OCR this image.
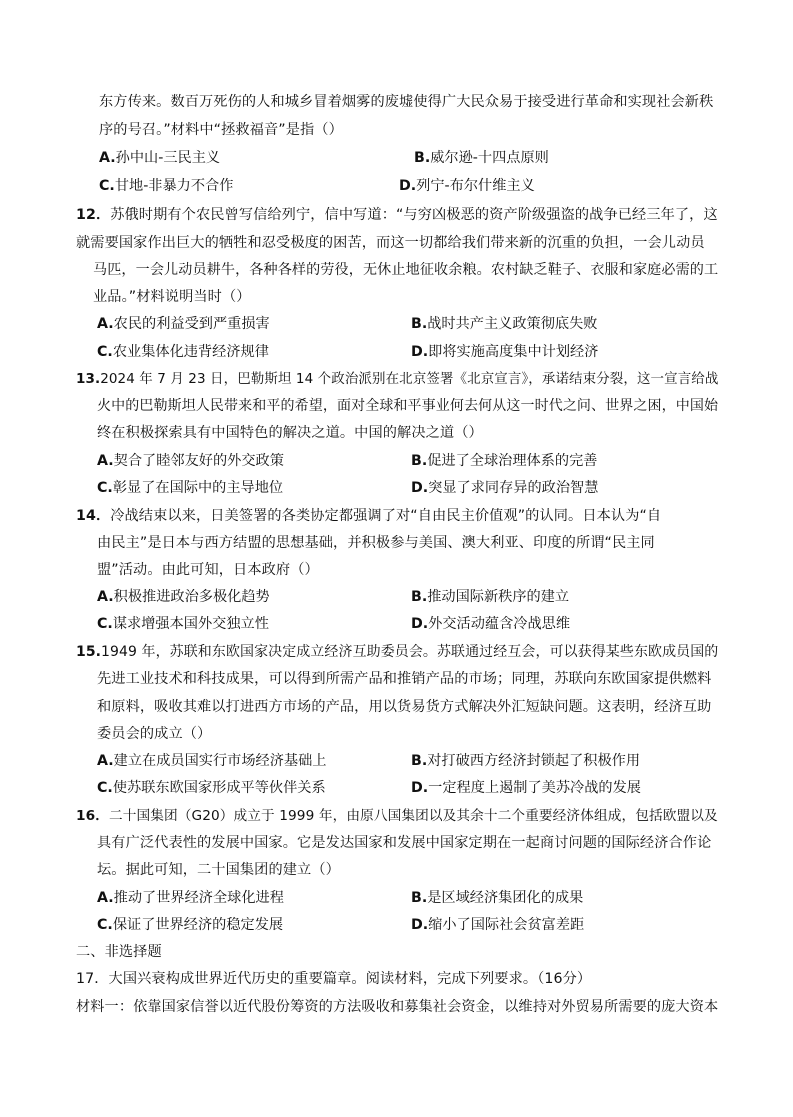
东方传来。数百万死伤的人和城乡冒着烟雾的废墟使得广大民众易于接受进行革命和实现社会新秩
序的号召。”材料中“拯救福音”是指（）
A.孙中山-三民主义	B.威尔逊-十四点原则
C.甘地-非暴力不合作	D.列宁-布尔什维主义
12．苏俄时期有个农民曾写信给列宁，信中写道：“与穷凶极恶的资产阶级强盗的战争已经三年了，这
就需要国家作出巨大的牺牲和忍受极度的困苦，而这一切都给我们带来新的沉重的负担，一会儿动员
马匹，一会儿动员耕牛，各种各样的劳役，无休止地征收余粮。农村缺乏鞋子、衣服和家庭必需的工
业品。”材料说明当时（）
A.农民的利益受到严重损害	B.战时共产主义政策彻底失败
C.农业集体化违背经济规律	D.即将实施高度集中计划经济
13.2024 年 7 月 23 日，巴勒斯坦 14 个政治派别在北京签署《北京宣言》，承诺结束分裂，这一宣言给战
火中的巴勒斯坦人民带来和平的希望，面对全球和平事业何去何从这一时代之问、世界之困，中国始
终在积极探索具有中国特色的解决之道。中国的解决之道（）
A.契合了睦邻友好的外交政策	B.促进了全球治理体系的完善
C.彰显了在国际中的主导地位	D.突显了求同存异的政治智慧
14．冷战结束以来，日美签署的各类协定都强调了对“自由民主价值观”的认同。日本认为“自
由民主”是日本与西方结盟的思想基础，并积极参与美国、澳大利亚、印度的所谓“民主同
盟”活动。由此可知，日本政府（）
A.积极推进政治多极化趋势	B.推动国际新秩序的建立
C.谋求增强本国外交独立性	D.外交活动蕴含冷战思维
15.1949 年，苏联和东欧国家决定成立经济互助委员会。苏联通过经互会，可以获得某些东欧成员国的
先进工业技术和科技成果，可以得到所需产品和推销产品的市场；同理，苏联向东欧国家提供燃料
和原料，吸收其难以打进西方市场的产品，用以货易货方式解决外汇短缺问题。这表明，经济互助
委员会的成立（）
A.建立在成员国实行市场经济基础上	B.对打破西方经济封锁起了积极作用
C.使苏联东欧国家形成平等伙伴关系	D.一定程度上遏制了美苏冷战的发展
16．二十国集团（G20）成立于 1999 年，由原八国集团以及其余十二个重要经济体组成，包括欧盟以及
具有广泛代表性的发展中国家。它是发达国家和发展中国家定期在一起商讨问题的国际经济合作论
坛。据此可知，二十国集团的建立（）
A.推动了世界经济全球化进程	B.是区域经济集团化的成果
C.保证了世界经济的稳定发展	D.缩小了国际社会贫富差距
二、非选择题
17．大国兴衰构成世界近代历史的重要篇章。阅读材料，完成下列要求。（16分）
材料一：依靠国家信誉以近代股份筹资的方法吸收和募集社会资金，以维持对外贸易所需要的庞大资本
